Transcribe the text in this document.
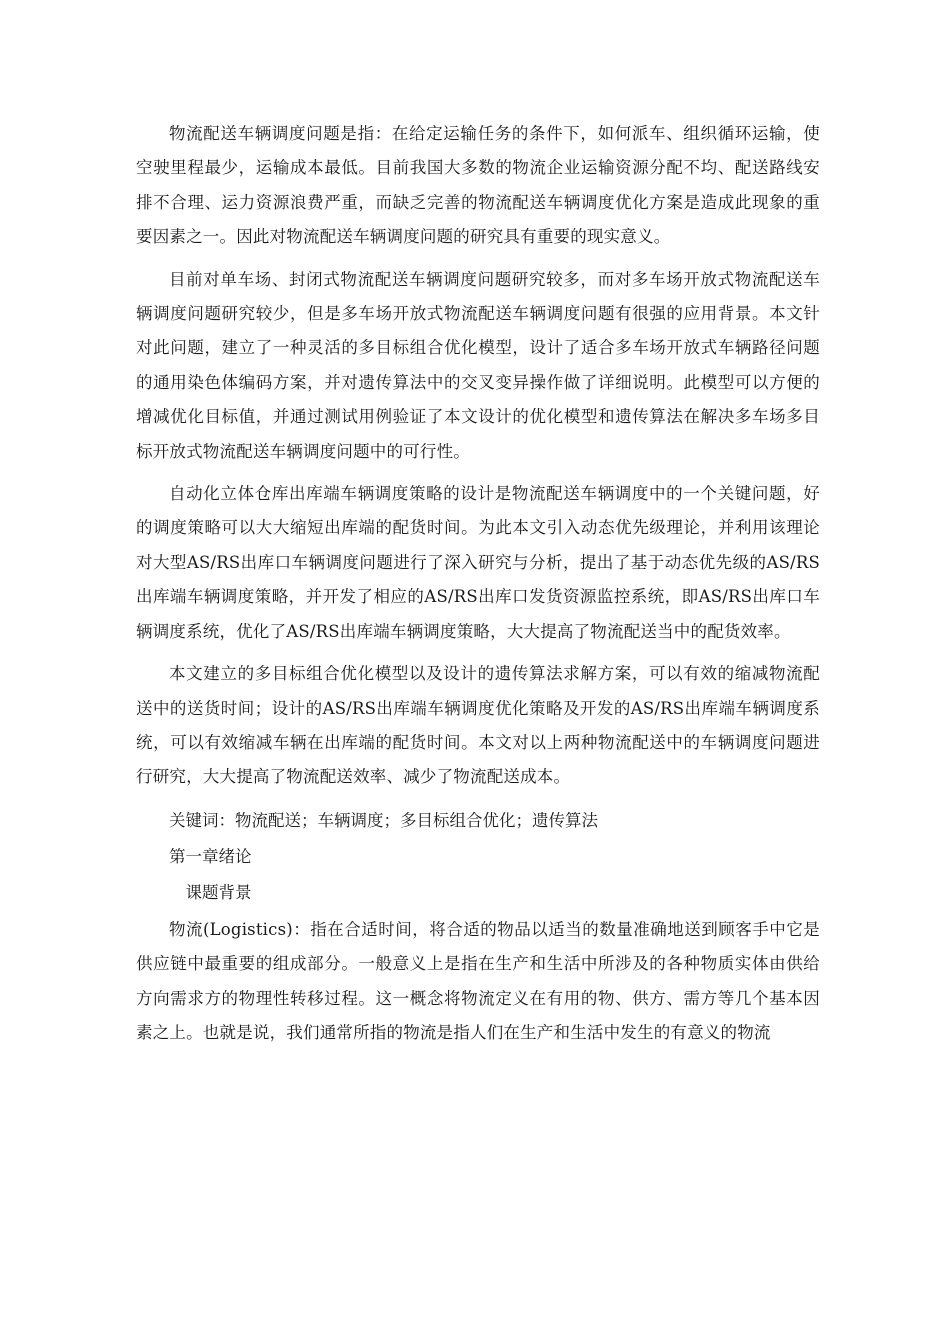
物流配送车辆调度问题是指：在给定运输任务的条件下，如何派车、组织循环运输，使空驶里程最少，运输成本最低。目前我国大多数的物流企业运输资源分配不均、配送路线安排不合理、运力资源浪费严重，而缺乏完善的物流配送车辆调度优化方案是造成此现象的重要因素之一。因此对物流配送车辆调度问题的研究具有重要的现实意义。

目前对单车场、封闭式物流配送车辆调度问题研究较多，而对多车场开放式物流配送车辆调度问题研究较少，但是多车场开放式物流配送车辆调度问题有很强的应用背景。本文针对此问题，建立了一种灵活的多目标组合优化模型，设计了适合多车场开放式车辆路径问题的通用染色体编码方案，并对遗传算法中的交叉变异操作做了详细说明。此模型可以方便的增减优化目标值，并通过测试用例验证了本文设计的优化模型和遗传算法在解决多车场多目标开放式物流配送车辆调度问题中的可行性。

自动化立体仓库出库端车辆调度策略的设计是物流配送车辆调度中的一个关键问题，好的调度策略可以大大缩短出库端的配货时间。为此本文引入动态优先级理论，并利用该理论对大型AS/RS出库口车辆调度问题进行了深入研究与分析，提出了基于动态优先级的AS/RS出库端车辆调度策略，并开发了相应的AS/RS出库口发货资源监控系统，即AS/RS出库口车辆调度系统，优化了AS/RS出库端车辆调度策略，大大提高了物流配送当中的配货效率。

本文建立的多目标组合优化模型以及设计的遗传算法求解方案，可以有效的缩减物流配送中的送货时间；设计的AS/RS出库端车辆调度优化策略及开发的AS/RS出库端车辆调度系统，可以有效缩减车辆在出库端的配货时间。本文对以上两种物流配送中的车辆调度问题进行研究，大大提高了物流配送效率、减少了物流配送成本。

关键词：物流配送；车辆调度；多目标组合优化；遗传算法

第一章绪论

课题背景

物流(Logistics)：指在合适时间，将合适的物品以适当的数量准确地送到顾客手中它是供应链中最重要的组成部分。一般意义上是指在生产和生活中所涉及的各种物质实体由供给方向需求方的物理性转移过程。这一概念将物流定义在有用的物、供方、需方等几个基本因素之上。也就是说，我们通常所指的物流是指人们在生产和生活中发生的有意义的物流
